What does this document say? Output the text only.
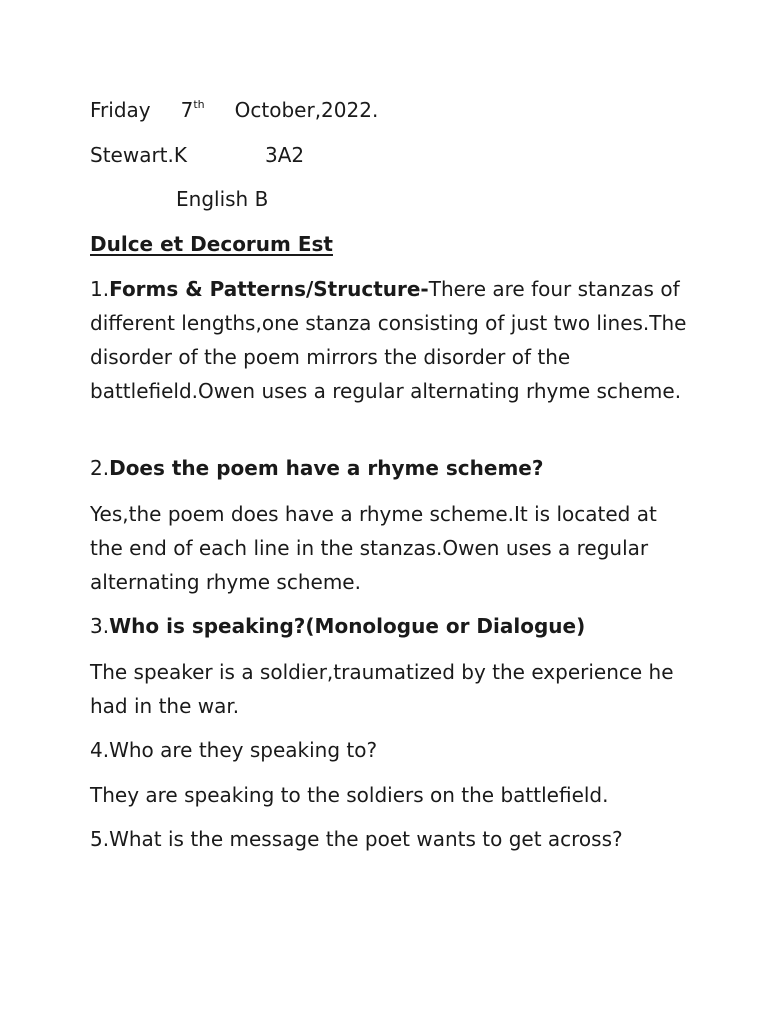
Friday 7th October,2022.
Stewart.K	3A2
English B
Dulce et Decorum Est
1.Forms & Patterns/Structure-There are four stanzas of different lengths,one stanza consisting of just two lines.The disorder of the poem mirrors the disorder of the battlefield.Owen uses a regular alternating rhyme scheme.
2.Does the poem have a rhyme scheme?
Yes,the poem does have a rhyme scheme.It is located at the end of each line in the stanzas.Owen uses a regular alternating rhyme scheme.
3.Who is speaking?(Monologue or Dialogue)
The speaker is a soldier,traumatized by the experience he had in the war.
4.Who are they speaking to?
They are speaking to the soldiers on the battlefield.
5.What is the message the poet wants to get across?
